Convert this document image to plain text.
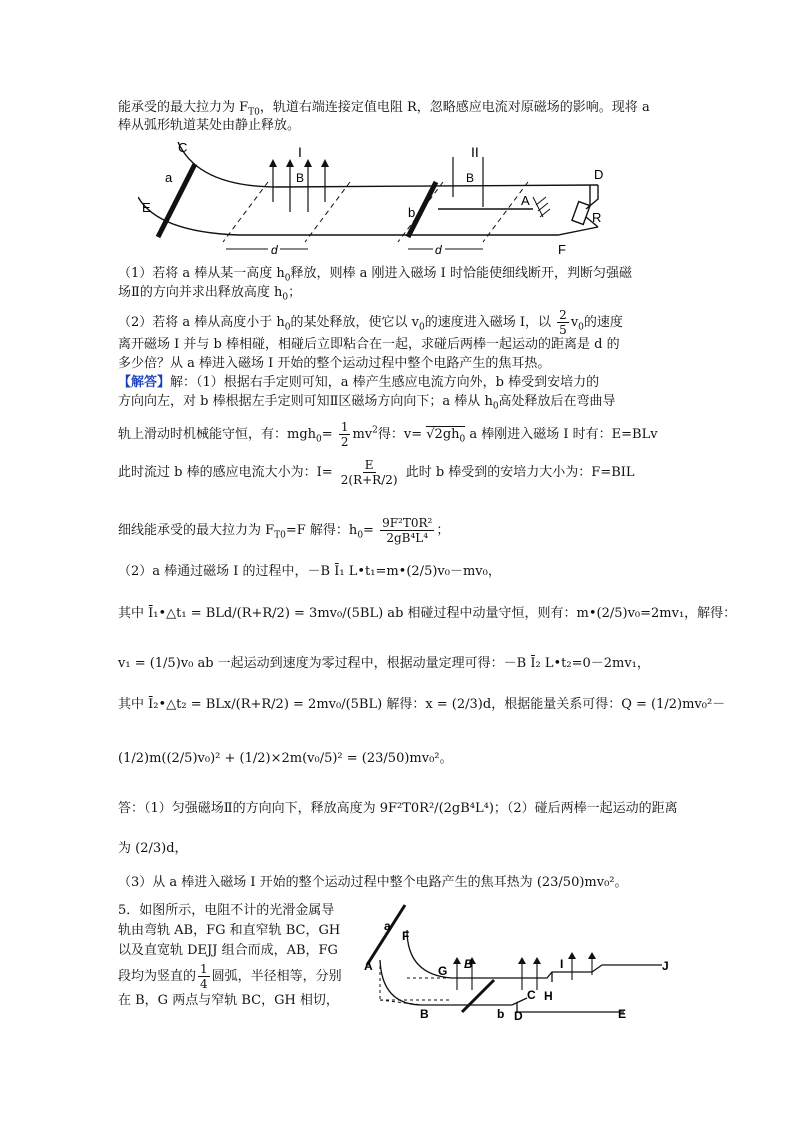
能承受的最大拉力为 $F_{T0}$，轨道右端连接定值电阻 R，忽略感应电流对原磁场的影响。现将 a
棒从弧形轨道某处由静止释放。
C
a
E
I
B
d
II
B
b
A
D
R
F
d
（1）若将 a 棒从某一高度 $h_0$释放，则棒 a 刚进入磁场 I 时恰能使细线断开，判断匀强磁
场Ⅱ的方向并求出释放高度 $h_0$；
（2）若将 a 棒从高度小于 $h_0$的某处释放，使它以 $v_0$的速度进入磁场 I，以 $\frac{2}{5} v_0$的速度
离开磁场 I 并与 b 棒相碰，相碰后立即粘合在一起，求碰后两棒一起运动的距离是 d 的
多少倍？从 a 棒进入磁场 I 开始的整个运动过程中整个电路产生的焦耳热。
【解答】解：（1）根据右手定则可知，a 棒产生感应电流方向外，b 棒受到安培力的
方向向左，对 b 棒根据左手定则可知Ⅱ区磁场方向向下；a 棒从 $h_0$高处释放后在弯曲导
轨上滑动时机械能守恒，有：$mgh_0= \frac{1}{2} mv^2$得：$v= √2gh_0$ a 棒刚进入磁场 I 时有：E=BLv
此时流过 b 棒的感应电流大小为：$I= \frac{E}{2(R+R/2)}$ 此时 b 棒受到的安培力大小为：F=BIL
细线能承受的最大拉力为 $F_{T0}=F$ 解得：$h_0= \frac{\text{9F²T0R²}}{\text{2gB⁴L⁴}}$ ；
（2）a 棒通过磁场 I 的过程中，－B Ī₁ L•t₁=m•(2/5)v₀－mv₀，
其中 Ī₁•△t₁ = BLd/(R+R/2) = 3mv₀/(5BL) ab 相碰过程中动量守恒，则有：m•(2/5)v₀=2mv₁，解得：
v₁ = (1/5)v₀ ab 一起运动到速度为零过程中，根据动量定理可得：－B Ī₂ L•t₂=0－2mv₁，
其中 Ī₂•△t₂ = BLx/(R+R/2) = 2mv₀/(5BL) 解得：x = (2/3)d，根据能量关系可得：Q = (1/2)mv₀²－
(1/2)m((2/5)v₀)² + (1/2)×2m(v₀/5)² = (23/50)mv₀²。
答：（1）匀强磁场Ⅱ的方向向下，释放高度为 9F²T0R²/(2gB⁴L⁴)；（2）碰后两棒一起运动的距离
为 (2/3)d，
（3）从 a 棒进入磁场 I 开始的整个运动过程中整个电路产生的焦耳热为 (23/50)mv₀²。
5．如图所示，电阻不计的光滑金属导
轨由弯轨 AB，FG 和直窄轨 BC，GH
以及直宽轨 DEJJ 组合而成，AB，FG
段均为竖直的 $\frac{1}{4}$ 圆弧，半径相等，分别
在 B，G 两点与窄轨 BC，GH 相切，
a
F
A	G B
B	b
C H
I	J
D	E
